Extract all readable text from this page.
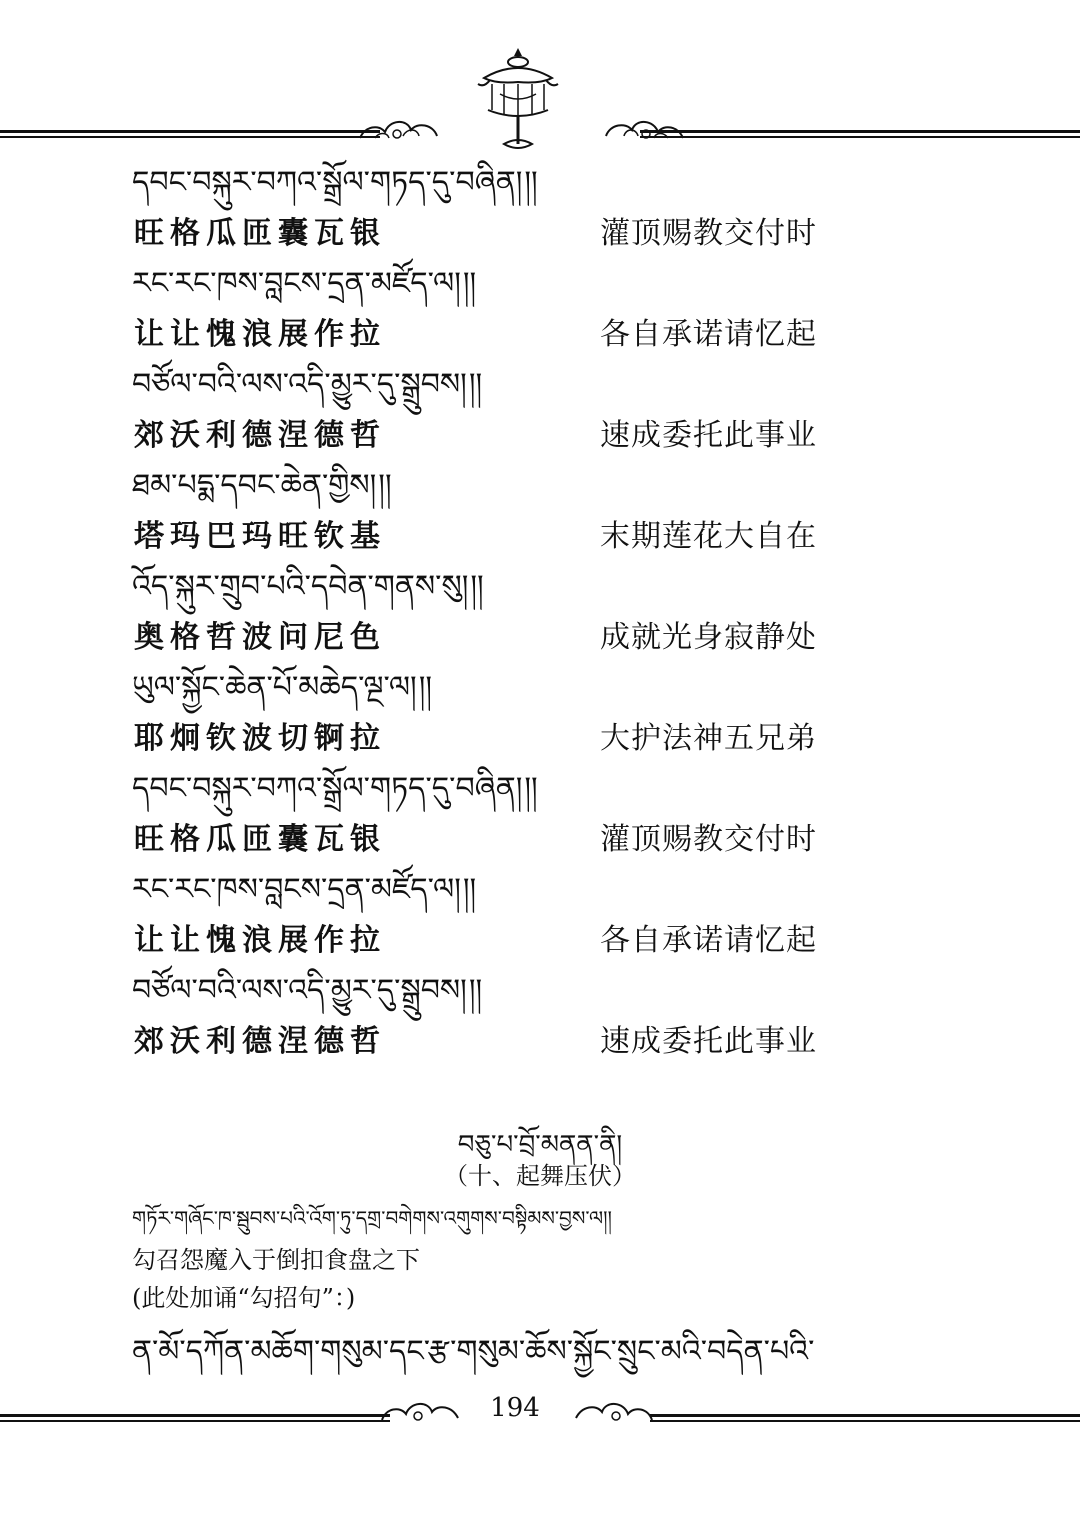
དབང་བསྐུར་བཀའ་སྒྲོལ་གཏད་དུ་བཞིན།།།
旺格瓜匝囊瓦银	灌顶赐教交付时
རང་རང་ཁས་བླངས་དྲན་མཛོད་ལ།།།
让让愧浪展作拉	各自承诺请忆起
བཙོལ་བའི་ལས་འདི་མྱུར་དུ་སྒྲུབས།།།
郊沃利德涅德哲	速成委托此事业
ཐམ་པདྨ་དབང་ཆེན་གྱིས།།།
塔玛巴玛旺钦基	末期莲花大自在
འོད་སྐུར་གྲུབ་པའི་དབེན་གནས་སུ།།།
奥格哲波问尼色	成就光身寂静处
ཡུལ་སྐྱོང་ཆེན་པོ་མཆེད་ལྔ་ལ།།།
耶炯钦波切锕拉	大护法神五兄弟
དབང་བསྐུར་བཀའ་སྒྲོལ་གཏད་དུ་བཞིན།།།
旺格瓜匝囊瓦银	灌顶赐教交付时
རང་རང་ཁས་བླངས་དྲན་མཛོད་ལ།།།
让让愧浪展作拉	各自承诺请忆起
བཙོལ་བའི་ལས་འདི་མྱུར་དུ་སྒྲུབས།།།
郊沃利德涅德哲	速成委托此事业
བཅུ་པ་བྲོ་མནན་ནི།
（十、起舞压伏）
གཏོར་གཞོང་ཁ་སྦུབས་པའི་འོག་ཏུ་དགྲ་བགེགས་འགུགས་བསྟིམས་བྱས་ལ།།
勾召怨魔入于倒扣食盘之下
(此处加诵“勾招句”：)
ན་མོ་དཀོན་མཆོག་གསུམ་དང་རྩ་གསུམ་ཆོས་སྐྱོང་སྲུང་མའི་བདེན་པའི་
194
